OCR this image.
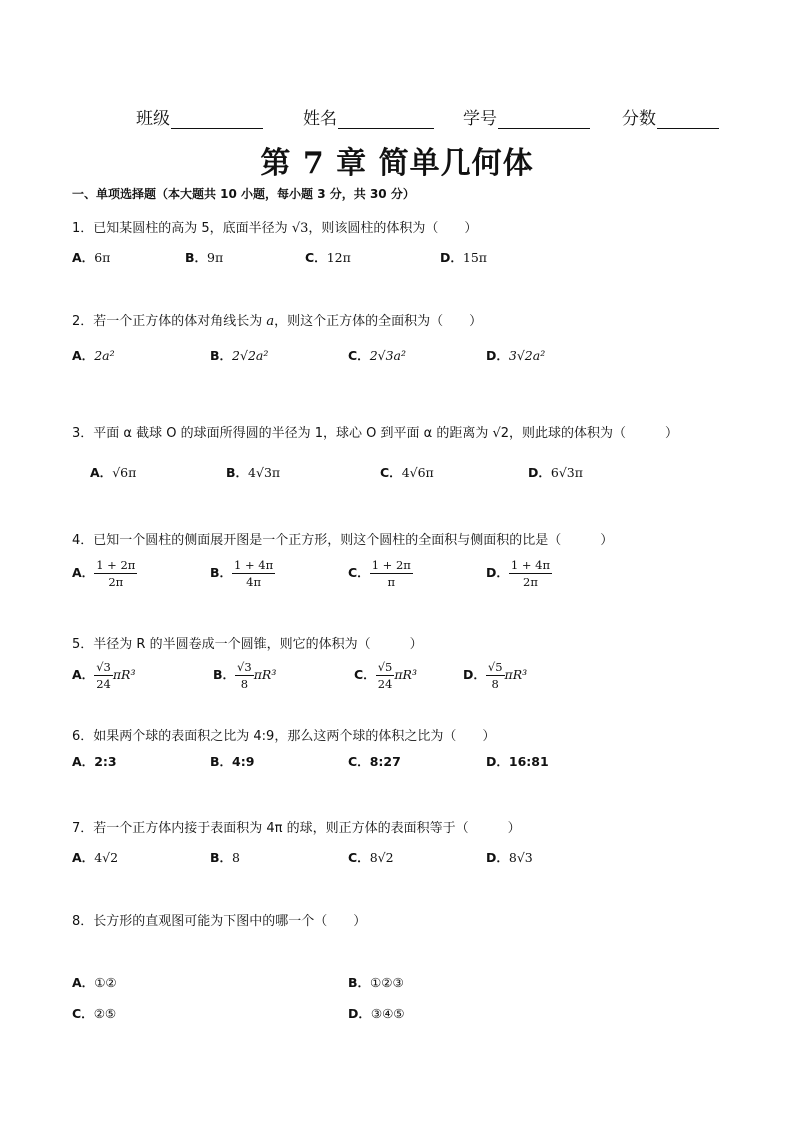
班级	姓名	学号	分数
第 7 章 简单几何体
一、单项选择题（本大题共 10 小题，每小题 3 分，共 30 分）
1．已知某圆柱的高为 5，底面半径为 √3，则该圆柱的体积为（　　）
A．6π	B．9π	C．12π	D．15π
2．若一个正方体的体对角线长为 a，则这个正方体的全面积为（　　）
A．2a²	B．2√2a²	C．2√3a²	D．3√2a²
3．平面 α 截球 O 的球面所得圆的半径为 1，球心 O 到平面 α 的距离为 √2，则此球的体积为（　　　）
A．√6π	B．4√3π	C．4√6π	D．6√3π
4．已知一个圆柱的侧面展开图是一个正方形，则这个圆柱的全面积与侧面积的比是（　　　）
A． $\frac{1 + 2\pi}{2\pi}$	B． $\frac{1 + 4\pi}{4\pi}$	C． $\frac{1 + 2\pi}{\pi}$	D． $\frac{1 + 4\pi}{2\pi}$
5．半径为 R 的半圆卷成一个圆锥，则它的体积为（　　　）
A． $\frac{√3}{24} \pi R^3$	B． $\frac{√3}{8} \pi R^3$	C． $\frac{√5}{24} \pi R^3$	D． $\frac{√5}{8} \pi R^3$
6．如果两个球的表面积之比为 4:9，那么这两个球的体积之比为（　　）
A．2:3	B．4:9	C．8:27	D．16:81
7．若一个正方体内接于表面积为 4π 的球，则正方体的表面积等于（　　　）
A．4√2	B．8	C．8√2	D．8√3
8．长方形的直观图可能为下图中的哪一个（　　）
A．①②	B．①②③
C．②⑤	D．③④⑤
